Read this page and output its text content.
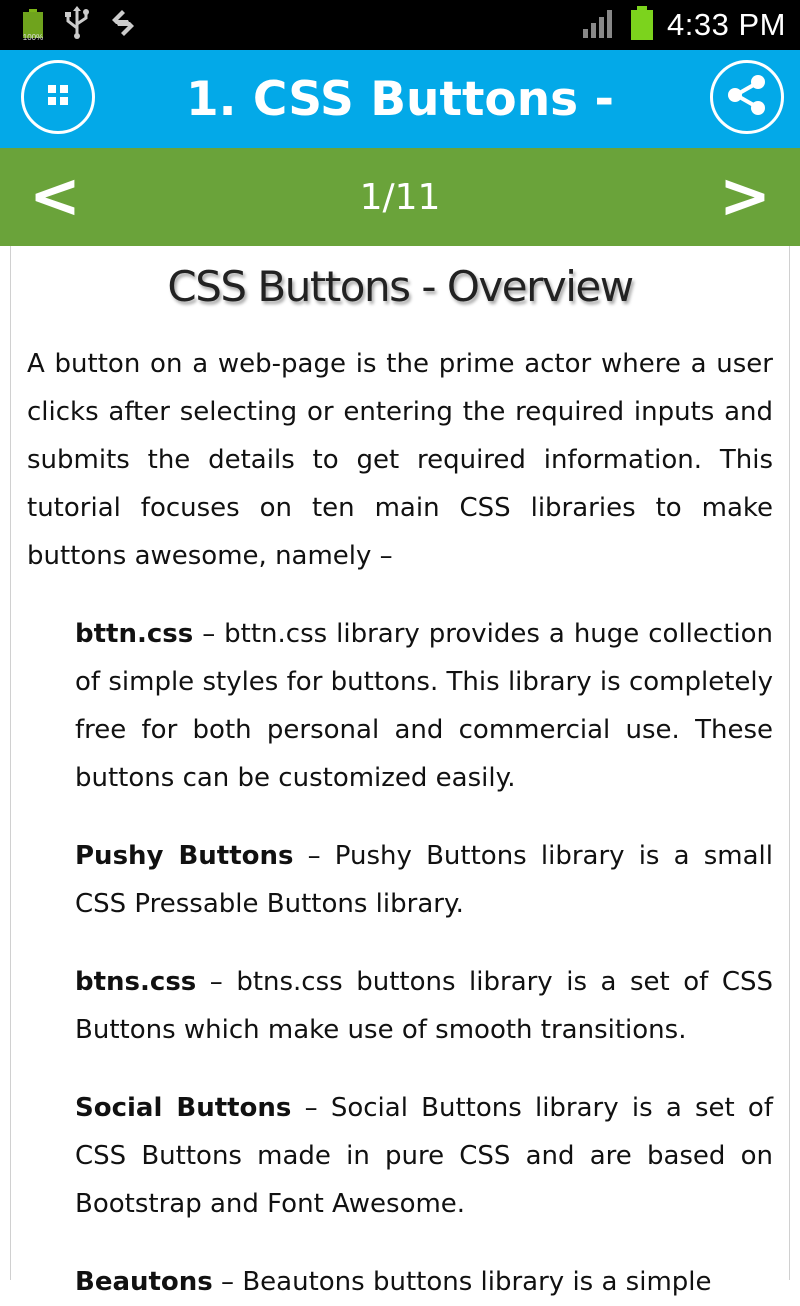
100%	4:33 PM
1. CSS Buttons -
<	1/11	>
CSS Buttons - Overview

A button on a web-page is the prime actor where a user clicks after selecting or entering the required inputs and submits the details to get required information. This tutorial focuses on ten main CSS libraries to make buttons awesome, namely –

bttn.css – bttn.css library provides a huge collection of simple styles for buttons. This library is completely free for both personal and commercial use. These buttons can be customized easily.
Pushy Buttons – Pushy Buttons library is a small CSS Pressable Buttons library.
btns.css – btns.css buttons library is a set of CSS Buttons which make use of smooth transitions.
Social Buttons – Social Buttons library is a set of CSS Buttons made in pure CSS and are based on Bootstrap and Font Awesome.
Beautons – Beautons buttons library is a simple
